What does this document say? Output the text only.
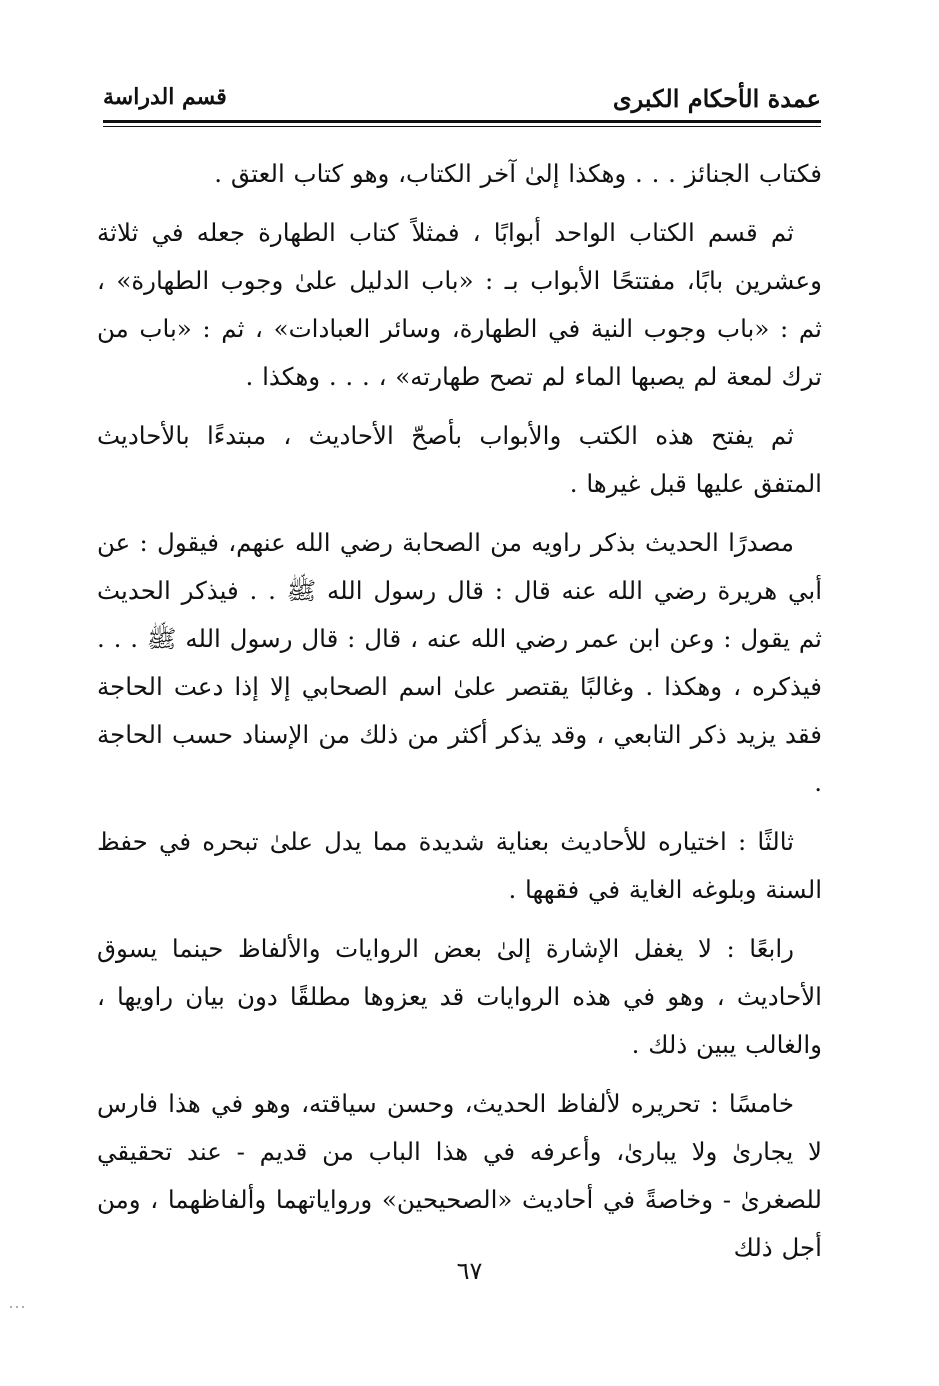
عمدة الأحكام الكبرى
قسم الدراسة

فكتاب الجنائز . . . وهكذا إلىٰ آخر الكتاب، وهو كتاب العتق .

ثم قسم الكتاب الواحد أبوابًا ، فمثلاً كتاب الطهارة جعله في ثلاثة وعشرين بابًا، مفتتحًا الأبواب بـ : «باب الدليل علىٰ وجوب الطهارة» ، ثم : «باب وجوب النية في الطهارة، وسائر العبادات» ، ثم : «باب من ترك لمعة لم يصبها الماء لم تصح طهارته» ، . . . وهكذا .

ثم يفتح هذه الكتب والأبواب بأصحّ الأحاديث ، مبتدءًا بالأحاديث المتفق عليها قبل غيرها .

مصدرًا الحديث بذكر راويه من الصحابة رضي الله عنهم، فيقول : عن أبي هريرة رضي الله عنه قال : قال رسول الله ﷺ . . فيذكر الحديث ثم يقول : وعن ابن عمر رضي الله عنه ، قال : قال رسول الله ﷺ . . . فيذكره ، وهكذا . وغالبًا يقتصر علىٰ اسم الصحابي إلا إذا دعت الحاجة فقد يزيد ذكر التابعي ، وقد يذكر أكثر من ذلك من الإسناد حسب الحاجة .

ثالثًا : اختياره للأحاديث بعناية شديدة مما يدل علىٰ تبحره في حفظ السنة وبلوغه الغاية في فقهها .

رابعًا : لا يغفل الإشارة إلىٰ بعض الروايات والألفاظ حينما يسوق الأحاديث ، وهو في هذه الروايات قد يعزوها مطلقًا دون بيان راويها ، والغالب يبين ذلك .

خامسًا : تحريره لألفاظ الحديث، وحسن سياقته، وهو في هذا فارس لا يجارىٰ ولا يبارىٰ، وأعرفه في هذا الباب من قديم - عند تحقيقي للصغرىٰ - وخاصةً في أحاديث «الصحيحين» ورواياتهما وألفاظهما ، ومن أجل ذلك

٦٧
